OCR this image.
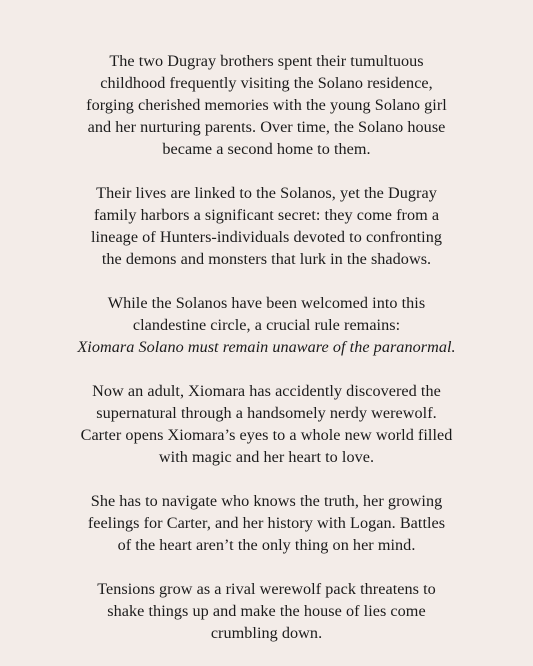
The two Dugray brothers spent their tumultuous
childhood frequently visiting the Solano residence,
forging cherished memories with the young Solano girl
and her nurturing parents. Over time, the Solano house
became a second home to them.

Their lives are linked to the Solanos, yet the Dugray
family harbors a significant secret: they come from a
lineage of Hunters-individuals devoted to confronting
the demons and monsters that lurk in the shadows.

While the Solanos have been welcomed into this
clandestine circle, a crucial rule remains:
Xiomara Solano must remain unaware of the paranormal.

Now an adult, Xiomara has accidently discovered the
supernatural through a handsomely nerdy werewolf.
Carter opens Xiomara’s eyes to a whole new world filled
with magic and her heart to love.

She has to navigate who knows the truth, her growing
feelings for Carter, and her history with Logan. Battles
of the heart aren’t the only thing on her mind.

Tensions grow as a rival werewolf pack threatens to
shake things up and make the house of lies come
crumbling down.
